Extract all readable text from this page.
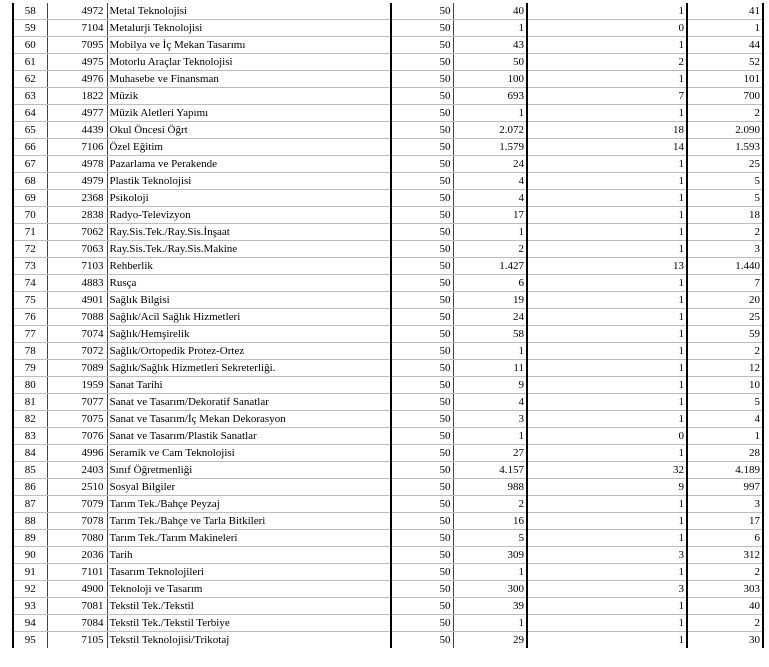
58	4972	Metal Teknolojisi	50	40	1	41
59	7104	Metalurji Teknolojisi	50	1	0	1
60	7095	Mobilya ve İç Mekan Tasarımı	50	43	1	44
61	4975	Motorlu Araçlar Teknolojisi	50	50	2	52
62	4976	Muhasebe ve Finansman	50	100	1	101
63	1822	Müzik	50	693	7	700
64	4977	Müzik Aletleri Yapımı	50	1	1	2
65	4439	Okul Öncesi Öğrt	50	2.072	18	2.090
66	7106	Özel Eğitim	50	1.579	14	1.593
67	4978	Pazarlama ve Perakende	50	24	1	25
68	4979	Plastik Teknolojisi	50	4	1	5
69	2368	Psikoloji	50	4	1	5
70	2838	Radyo-Televizyon	50	17	1	18
71	7062	Ray.Sis.Tek./Ray.Sis.İnşaat	50	1	1	2
72	7063	Ray.Sis.Tek./Ray.Sis.Makine	50	2	1	3
73	7103	Rehberlik	50	1.427	13	1.440
74	4883	Rusça	50	6	1	7
75	4901	Sağlık Bilgisi	50	19	1	20
76	7088	Sağlık/Acil Sağlık Hizmetleri	50	24	1	25
77	7074	Sağlık/Hemşirelik	50	58	1	59
78	7072	Sağlık/Ortopedik Protez-Ortez	50	1	1	2
79	7089	Sağlık/Sağlık Hizmetleri Sekreterliği.	50	11	1	12
80	1959	Sanat Tarihi	50	9	1	10
81	7077	Sanat ve Tasarım/Dekoratif Sanatlar	50	4	1	5
82	7075	Sanat ve Tasarım/İç Mekan Dekorasyon	50	3	1	4
83	7076	Sanat ve Tasarım/Plastik Sanatlar	50	1	0	1
84	4996	Seramik ve Cam Teknolojisi	50	27	1	28
85	2403	Sınıf Öğretmenliği	50	4.157	32	4.189
86	2510	Sosyal Bilgiler	50	988	9	997
87	7079	Tarım Tek./Bahçe Peyzaj	50	2	1	3
88	7078	Tarım Tek./Bahçe ve Tarla Bitkileri	50	16	1	17
89	7080	Tarım Tek./Tarım Makineleri	50	5	1	6
90	2036	Tarih	50	309	3	312
91	7101	Tasarım Teknolojileri	50	1	1	2
92	4900	Teknoloji ve Tasarım	50	300	3	303
93	7081	Tekstil Tek./Tekstil	50	39	1	40
94	7084	Tekstil Tek./Tekstil Terbiye	50	1	1	2
95	7105	Tekstil Teknolojisi/Trikotaj	50	29	1	30
